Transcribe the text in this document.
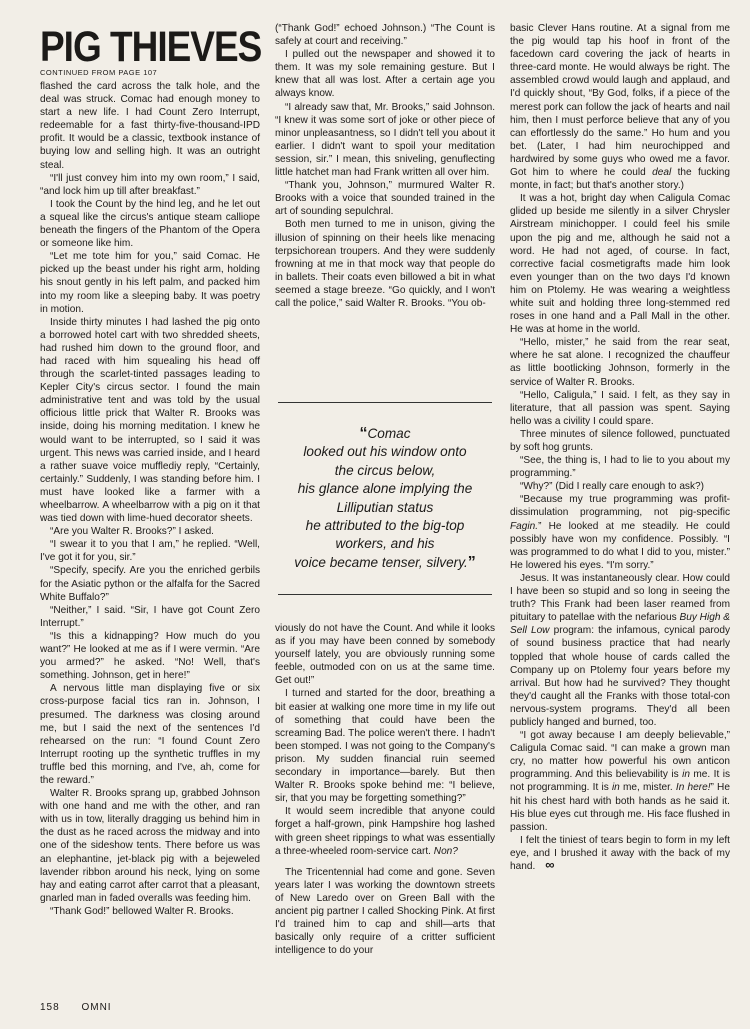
PIG THIEVES

CONTINUED FROM PAGE 107

flashed the card across the talk hole, and the deal was struck. Comac had enough money to start a new life. I had Count Zero Interrupt, redeemable for a fast thirty-five-thousand-IPD profit. It would be a classic, textbook instance of buying low and selling high. It was an outright steal.

“I'll just convey him into my own room,” I said, “and lock him up till after breakfast.”

I took the Count by the hind leg, and he let out a squeal like the circus's antique steam calliope beneath the fingers of the Phantom of the Opera or someone like him.

“Let me tote him for you,” said Comac. He picked up the beast under his right arm, holding his snout gently in his left palm, and packed him into my room like a sleeping baby. It was poetry in motion.

Inside thirty minutes I had lashed the pig onto a borrowed hotel cart with two shredded sheets, had rushed him down to the ground floor, and had raced with him squealing his head off through the scarlet-tinted passages leading to Kepler City's circus sector. I found the main administrative tent and was told by the usual officious little prick that Walter R. Brooks was inside, doing his morning meditation. I knew he would want to be interrupted, so I said it was urgent. This news was carried inside, and I heard a rather suave voice mufflediy reply, “Certainly, certainly.” Suddenly, I was standing before him. I must have looked like a farmer with a wheelbarrow. A wheelbarrow with a pig on it that was tied down with lime-hued decorator sheets.

“Are you Walter R. Brooks?” I asked.

“I swear it to you that I am,” he replied. “Well, I've got it for you, sir.”

“Specify, specify. Are you the enriched gerbils for the Asiatic python or the alfalfa for the Sacred White Buffalo?”

“Neither,” I said. “Sir, I have got Count Zero Interrupt.”

“Is this a kidnapping? How much do you want?” He looked at me as if I were vermin. “Are you armed?” he asked. “No! Well, that's something. Johnson, get in here!”

A nervous little man displaying five or six cross-purpose facial tics ran in. Johnson, I presumed. The darkness was closing around me, but I said the next of the sentences I'd rehearsed on the run: “I found Count Zero Interrupt rooting up the synthetic truffles in my truffle bed this morning, and I've, ah, come for the reward.”

Walter R. Brooks sprang up, grabbed Johnson with one hand and me with the other, and ran with us in tow, literally dragging us behind him in the dust as he raced across the midway and into one of the sideshow tents. There before us was an elephantine, jet-black pig with a bejeweled lavender ribbon around his neck, lying on some hay and eating carrot after carrot that a pleasant, gnarled man in faded overalls was feeding him.

“Thank God!” bellowed Walter R. Brooks.

(“Thank God!” echoed Johnson.) “The Count is safely at court and receiving.”

I pulled out the newspaper and showed it to them. It was my sole remaining gesture. But I knew that all was lost. After a certain age you always know.

“I already saw that, Mr. Brooks,” said Johnson. “I knew it was some sort of joke or other piece of minor unpleasantness, so I didn't tell you about it earlier. I didn't want to spoil your meditation session, sir.” I mean, this sniveling, genuflecting little hatchet man had Frank written all over him.

“Thank you, Johnson,” murmured Walter R. Brooks with a voice that sounded trained in the art of sounding sepulchral.

Both men turned to me in unison, giving the illusion of spinning on their heels like menacing terpsichorean troupers. And they were suddenly frowning at me in that mock way that people do in ballets. Their coats even billowed a bit in what seemed a stage breeze. “Go quickly, and I won't call the police,” said Walter R. Brooks. “You ob-

“Comac
looked out his window onto
the circus below,
his glance alone implying the
Lilliputian status
he attributed to the big-top
workers, and his
voice became tenser, silvery.”

viously do not have the Count. And while it looks as if you may have been conned by somebody yourself lately, you are obviously running some feeble, outmoded con on us at the same time. Get out!”

I turned and started for the door, breathing a bit easier at walking one more time in my life out of something that could have been the screaming Bad. The police weren't there. I hadn't been stomped. I was not going to the Company's prison. My sudden financial ruin seemed secondary in importance—barely. But then Walter R. Brooks spoke behind me: “I believe, sir, that you may be forgetting something?”

It would seem incredible that anyone could forget a half-grown, pink Hampshire hog lashed with green sheet rippings to what was essentially a three-wheeled room-service cart. Non?

The Tricentennial had come and gone. Seven years later I was working the downtown streets of New Laredo over on Green Ball with the ancient pig partner I called Shocking Pink. At first I'd trained him to cap and shill—arts that basically only require of a critter sufficient intelligence to do your

basic Clever Hans routine. At a signal from me the pig would tap his hoof in front of the facedown card covering the jack of hearts in three-card monte. He would always be right. The assembled crowd would laugh and applaud, and I'd quickly shout, “By God, folks, if a piece of the merest pork can follow the jack of hearts and nail him, then I must perforce believe that any of you can effortlessly do the same.” Ho hum and you bet. (Later, I had him neurochipped and hardwired by some guys who owed me a favor. Got him to where he could deal the fucking monte, in fact; but that's another story.)

It was a hot, bright day when Caligula Comac glided up beside me silently in a silver Chrysler Airstream minichopper. I could feel his smile upon the pig and me, although he said not a word. He had not aged, of course. In fact, corrective facial cosmetigrafts made him look even younger than on the two days I'd known him on Ptolemy. He was wearing a weightless white suit and holding three long-stemmed red roses in one hand and a Pall Mall in the other. He was at home in the world.

“Hello, mister,” he said from the rear seat, where he sat alone. I recognized the chauffeur as little bootlicking Johnson, formerly in the service of Walter R. Brooks.

“Hello, Caligula,” I said. I felt, as they say in literature, that all passion was spent. Saying hello was a civility I could spare.

Three minutes of silence followed, punctuated by soft hog grunts.

“See, the thing is, I had to lie to you about my programming.”

“Why?” (Did I really care enough to ask?)

“Because my true programming was profit-dissimulation programming, not pig-specific Fagin.” He looked at me steadily. He could possibly have won my confidence. Possibly. “I was programmed to do what I did to you, mister.” He lowered his eyes. “I'm sorry.”

Jesus. It was instantaneously clear. How could I have been so stupid and so long in seeing the truth? This Frank had been laser reamed from pituitary to patellae with the nefarious Buy High & Sell Low program: the infamous, cynical parody of sound business practice that had nearly toppled that whole house of cards called the Company up on Ptolemy four years before my arrival. But how had he survived? They thought they'd caught all the Franks with those total-con nervous-system programs. They'd all been publicly hanged and burned, too.

“I got away because I am deeply believable,” Caligula Comac said. “I can make a grown man cry, no matter how powerful his own anticon programming. And this believability is in me. It is not programming. It is in me, mister. In here!” He hit his chest hard with both hands as he said it. His blue eyes cut through me. His face flushed in passion.

I felt the tiniest of tears begin to form in my left eye, and I brushed it away with the back of my hand. ∞

158 OMNI
